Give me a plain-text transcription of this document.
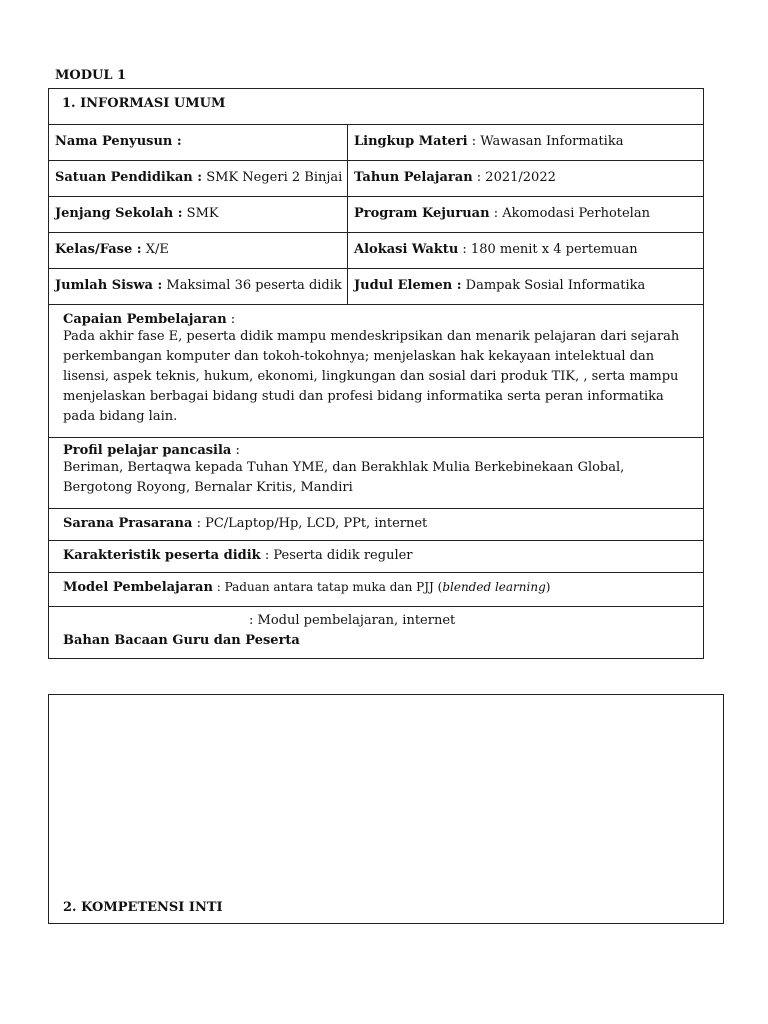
MODUL 1
1. INFORMASI UMUM
Nama Penyusun :	Lingkup Materi : Wawasan Informatika
Satuan Pendidikan : SMK Negeri 2 Binjai Tahun Pelajaran : 2021/2022
Jenjang Sekolah : SMK	Program Kejuruan : Akomodasi Perhotelan
Kelas/Fase : X/E	Alokasi Waktu : 180 menit x 4 pertemuan
Jumlah Siswa : Maksimal 36 peserta didik Judul Elemen : Dampak Sosial Informatika
Capaian Pembelajaran :
Pada akhir fase E, peserta didik mampu mendeskripsikan dan menarik pelajaran dari sejarah
perkembangan komputer dan tokoh-tokohnya; menjelaskan hak kekayaan intelektual dan
lisensi, aspek teknis, hukum, ekonomi, lingkungan dan sosial dari produk TIK, , serta mampu
menjelaskan berbagai bidang studi dan profesi bidang informatika serta peran informatika
pada bidang lain.
Profil pelajar pancasila :
Beriman, Bertaqwa kepada Tuhan YME, dan Berakhlak Mulia Berkebinekaan Global,
Bergotong Royong, Bernalar Kritis, Mandiri
Sarana Prasarana : PC/Laptop/Hp, LCD, PPt, internet
Karakteristik peserta didik : Peserta didik reguler
Model Pembelajaran : Paduan antara tatap muka dan PJJ (blended learning)
: Modul pembelajaran, internet
Bahan Bacaan Guru dan Peserta
2. KOMPETENSI INTI
